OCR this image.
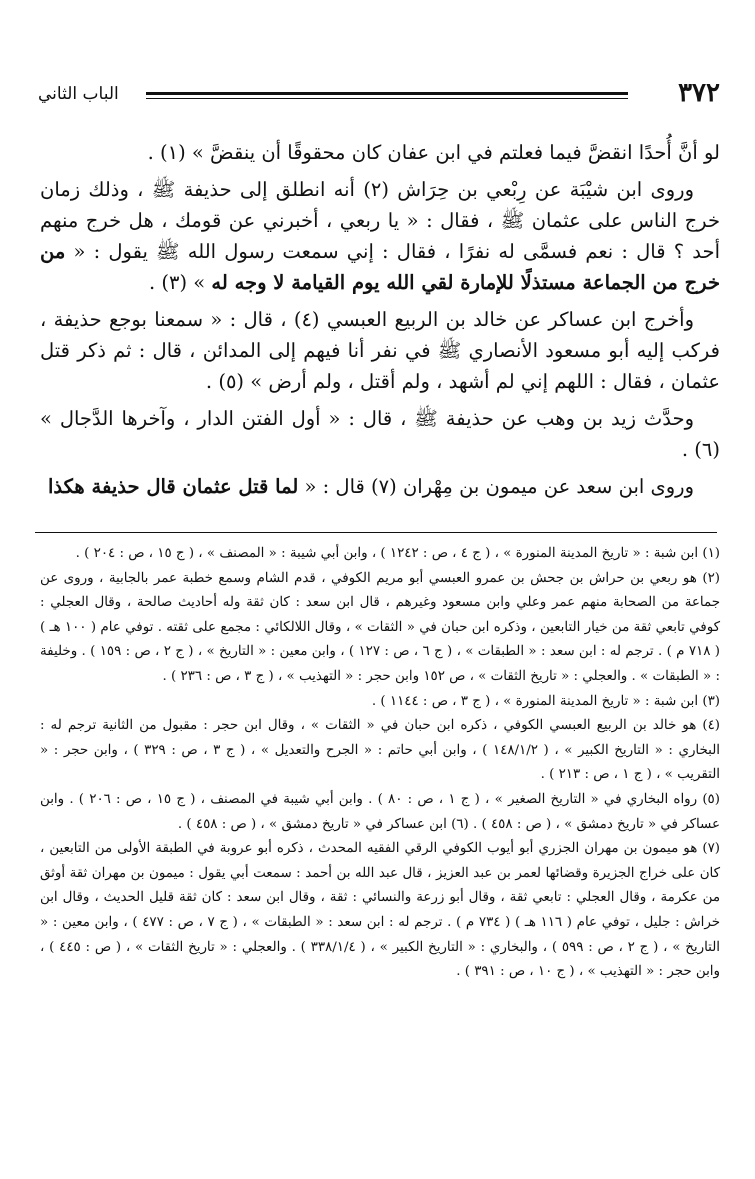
٣٧٢
الباب الثاني

لو أنَّ أُحدًا انقضَّ فيما فعلتم في ابن عفان كان محقوقًا أن ينقضَّ » (١) .

وروى ابن شيْبَة عن رِبْعي بن حِرَاش (٢) أنه انطلق إلى حذيفة ﷺ ، وذلك زمان خرج الناس على عثمان ﷺ ، فقال : « يا ربعي ، أخبرني عن قومك ، هل خرج منهم أحد ؟ قال : نعم فسمَّى له نفرًا ، فقال : إني سمعت رسول الله ﷺ يقول : « من خرج من الجماعة مستذلًا للإمارة لقي الله يوم القيامة لا وجه له » (٣) .

وأخرج ابن عساكر عن خالد بن الربيع العبسي (٤) ، قال : « سمعنا بوجع حذيفة ، فركب إليه أبو مسعود الأنصاري ﷺ في نفر أنا فيهم إلى المدائن ، قال : ثم ذكر قتل عثمان ، فقال : اللهم إني لم أشهد ، ولم أقتل ، ولم أرض » (٥) .

وحدَّث زيد بن وهب عن حذيفة ﷺ ، قال : « أول الفتن الدار ، وآخرها الدَّجال » (٦) .

وروى ابن سعد عن ميمون بن مِهْران (٧) قال : « لما قتل عثمان قال حذيفة هكذا

(١) ابن شبة : « تاريخ المدينة المنورة » ، ( ج ٤ ، ص : ١٢٤٢ ) ، وابن أبي شيبة : « المصنف » ، ( ج ١٥ ، ص : ٢٠٤ ) .

(٢) هو ربعي بن حراش بن جحش بن عمرو العبسي أبو مريم الكوفي ، قدم الشام وسمع خطبة عمر بالجابية ، وروى عن جماعة من الصحابة منهم عمر وعلي وابن مسعود وغيرهم ، قال ابن سعد : كان ثقة وله أحاديث صالحة ، وقال العجلي : كوفي تابعي ثقة من خيار التابعين ، وذكره ابن حبان في « الثقات » ، وقال اللالكائي : مجمع على ثقته . توفي عام ( ١٠٠ هـ ) ( ٧١٨ م ) . ترجم له : ابن سعد : « الطبقات » ، ( ج ٦ ، ص : ١٢٧ ) ، وابن معين : « التاريخ » ، ( ج ٢ ، ص : ١٥٩ ) . وخليفة : « الطبقات » . والعجلي : « تاريخ الثقات » ، ص ١٥٢ وابن حجر : « التهذيب » ، ( ج ٣ ، ص : ٢٣٦ ) .

(٣) ابن شبة : « تاريخ المدينة المنورة » ، ( ج ٣ ، ص : ١١٤٤ ) .

(٤) هو خالد بن الربيع العبسي الكوفي ، ذكره ابن حبان في « الثقات » ، وقال ابن حجر : مقبول من الثانية ترجم له : البخاري : « التاريخ الكبير » ، ( ١٤٨/١/٢ ) ، وابن أبي حاتم : « الجرح والتعديل » ، ( ج ٣ ، ص : ٣٢٩ ) ، وابن حجر : « التقريب » ، ( ج ١ ، ص : ٢١٣ ) .

(٥) رواه البخاري في « التاريخ الصغير » ، ( ج ١ ، ص : ٨٠ ) . وابن أبي شيبة في المصنف ، ( ج ١٥ ، ص : ٢٠٦ ) . وابن عساكر في « تاريخ دمشق » ، ( ص : ٤٥٨ ) . (٦) ابن عساكر في « تاريخ دمشق » ، ( ص : ٤٥٨ ) .

(٧) هو ميمون بن مهران الجزري أبو أيوب الكوفي الرقي الفقيه المحدث ، ذكره أبو عروبة في الطبقة الأولى من التابعين ، كان على خراج الجزيرة وقضائها لعمر بن عبد العزيز ، قال عبد الله بن أحمد : سمعت أبي يقول : ميمون بن مهران ثقة أوثق من عكرمة ، وقال العجلي : تابعي ثقة ، وقال أبو زرعة والنسائي : ثقة ، وقال ابن سعد : كان ثقة قليل الحديث ، وقال ابن خراش : جليل ، توفي عام ( ١١٦ هـ ) ( ٧٣٤ م ) . ترجم له : ابن سعد : « الطبقات » ، ( ج ٧ ، ص : ٤٧٧ ) ، وابن معين : « التاريخ » ، ( ج ٢ ، ص : ٥٩٩ ) ، والبخاري : « التاريخ الكبير » ، ( ٣٣٨/١/٤ ) . والعجلي : « تاريخ الثقات » ، ( ص : ٤٤٥ ) ، وابن حجر : « التهذيب » ، ( ج ١٠ ، ص : ٣٩١ ) .
